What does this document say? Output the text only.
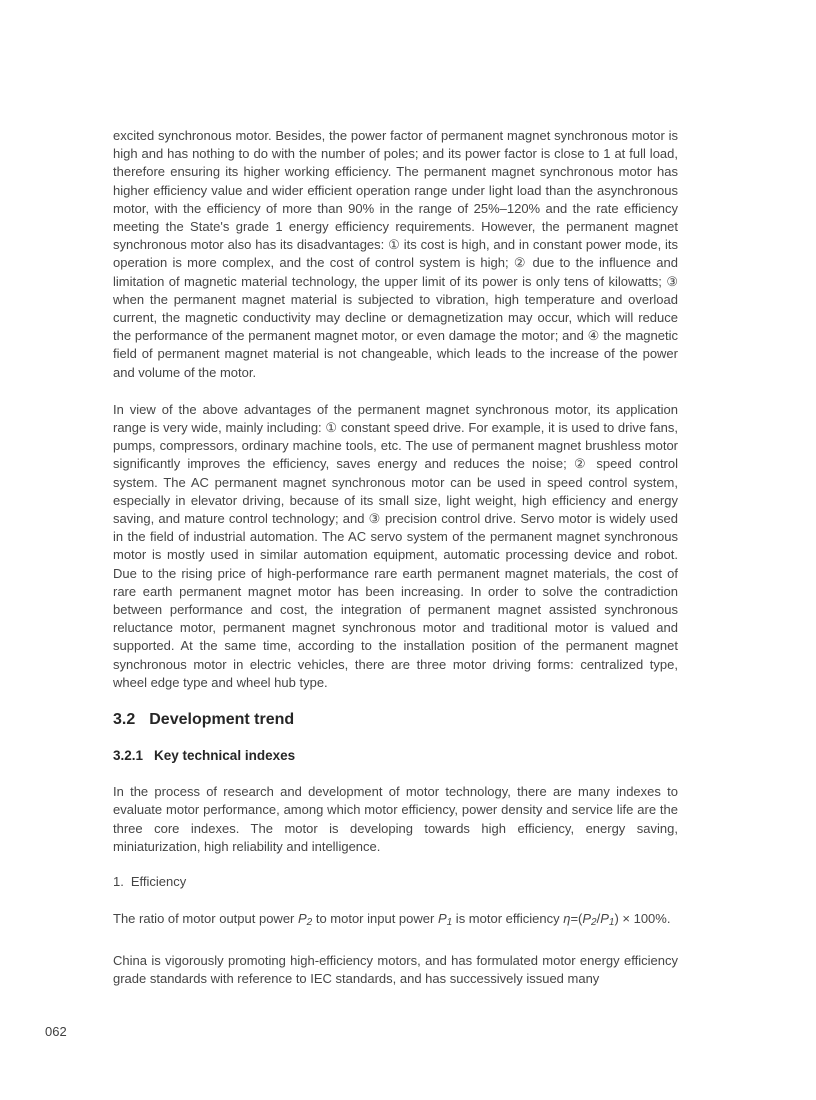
excited synchronous motor. Besides, the power factor of permanent magnet synchronous motor is high and has nothing to do with the number of poles; and its power factor is close to 1 at full load, therefore ensuring its higher working efficiency. The permanent magnet synchronous motor has higher efficiency value and wider efficient operation range under light load than the asynchronous motor, with the efficiency of more than 90% in the range of 25%–120% and the rate efficiency meeting the State's grade 1 energy efficiency requirements. However, the permanent magnet synchronous motor also has its disadvantages: ① its cost is high, and in constant power mode, its operation is more complex, and the cost of control system is high; ② due to the influence and limitation of magnetic material technology, the upper limit of its power is only tens of kilowatts; ③ when the permanent magnet material is subjected to vibration, high temperature and overload current, the magnetic conductivity may decline or demagnetization may occur, which will reduce the performance of the permanent magnet motor, or even damage the motor; and ④ the magnetic field of permanent magnet material is not changeable, which leads to the increase of the power and volume of the motor.

In view of the above advantages of the permanent magnet synchronous motor, its application range is very wide, mainly including: ① constant speed drive. For example, it is used to drive fans, pumps, compressors, ordinary machine tools, etc. The use of permanent magnet brushless motor significantly improves the efficiency, saves energy and reduces the noise; ② speed control system. The AC permanent magnet synchronous motor can be used in speed control system, especially in elevator driving, because of its small size, light weight, high efficiency and energy saving, and mature control technology; and ③ precision control drive. Servo motor is widely used in the field of industrial automation. The AC servo system of the permanent magnet synchronous motor is mostly used in similar automation equipment, automatic processing device and robot. Due to the rising price of high-performance rare earth permanent magnet materials, the cost of rare earth permanent magnet motor has been increasing. In order to solve the contradiction between performance and cost, the integration of permanent magnet assisted synchronous reluctance motor, permanent magnet synchronous motor and traditional motor is valued and supported. At the same time, according to the installation position of the permanent magnet synchronous motor in electric vehicles, there are three motor driving forms: centralized type, wheel edge type and wheel hub type.

3.2 Development trend
3.2.1 Key technical indexes

In the process of research and development of motor technology, there are many indexes to evaluate motor performance, among which motor efficiency, power density and service life are the three core indexes. The motor is developing towards high efficiency, energy saving, miniaturization, high reliability and intelligence.

1. Efficiency

The ratio of motor output power P2 to motor input power P1 is motor efficiency η=(P2/P1) × 100%.

China is vigorously promoting high-efficiency motors, and has formulated motor energy efficiency grade standards with reference to IEC standards, and has successively issued many

062
